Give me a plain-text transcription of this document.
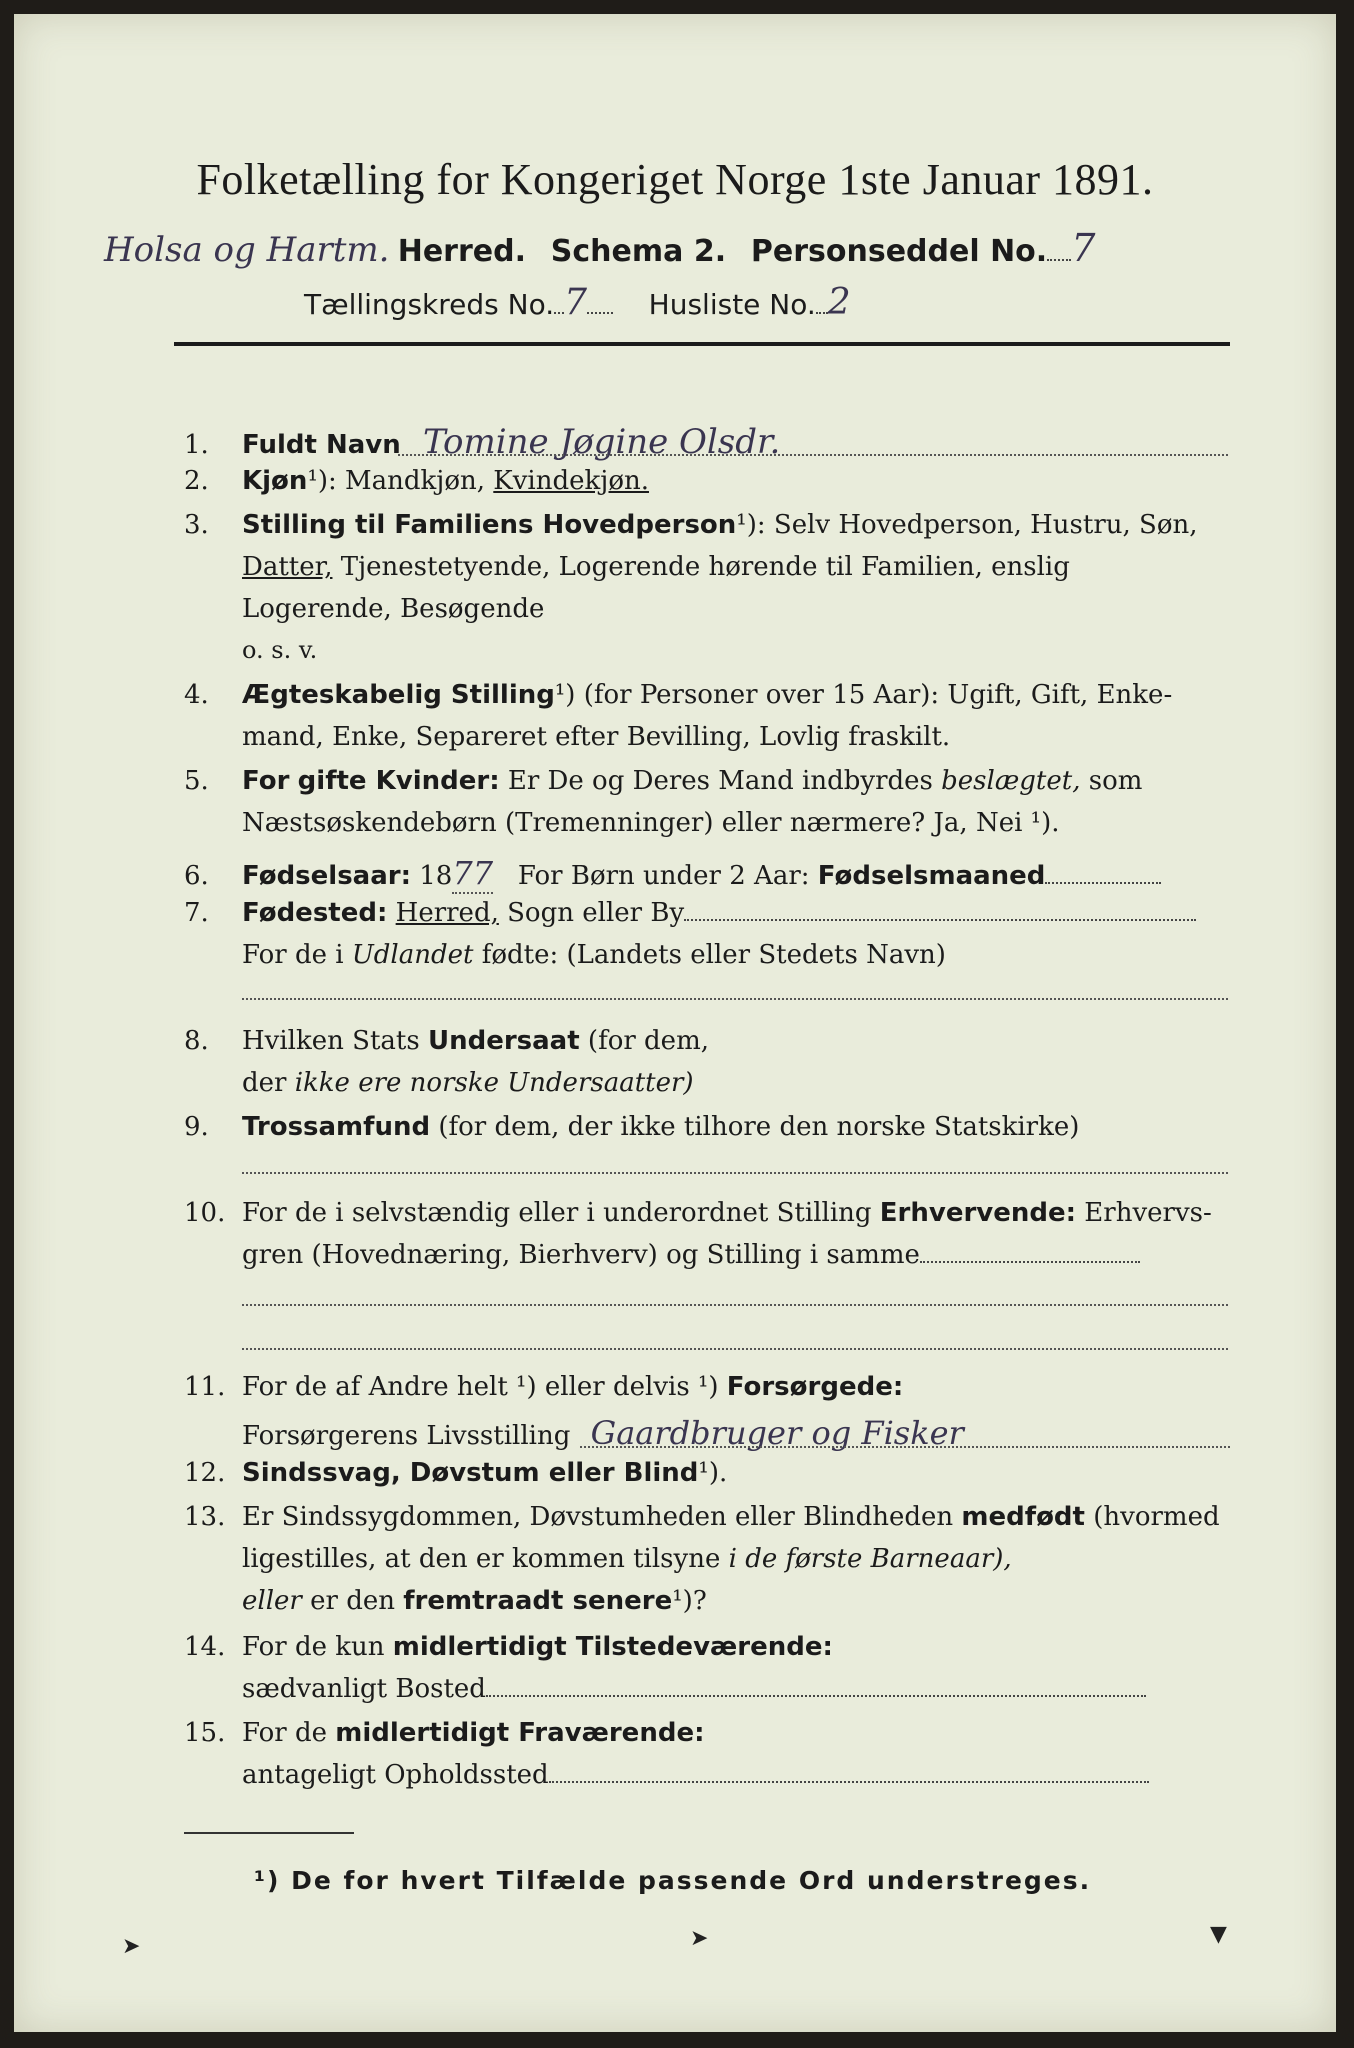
Folketælling for Kongeriget Norge 1ste Januar 1891.
Holsa og Hartm. Herred. Schema 2. Personseddel No. 7
Tællingskreds No. 7 Husliste No. 2
1. Fuldt Navn Tomine Jøgine Olsdr.
2. Kjøn¹): Mandkjøn, Kvindekjøn.
3. Stilling til Familiens Hovedperson¹): Selv Hovedperson, Hustru, Søn,
Datter, Tjenestetyende, Logerende hørende til Familien, enslig
Logerende, Besøgende
o. s. v.
4. Ægteskabelig Stilling¹) (for Personer over 15 Aar): Ugift, Gift, Enke-
mand, Enke, Separeret efter Bevilling, Lovlig fraskilt.
5. For gifte Kvinder: Er De og Deres Mand indbyrdes beslægtet, som
Næstsøskendebørn (Tremenninger) eller nærmere? Ja, Nei ¹).
6. Fødselsaar: 1877 For Børn under 2 Aar: Fødselsmaaned
7. Fødested: Herred, Sogn eller By
For de i Udlandet fødte: (Landets eller Stedets Navn)
8. Hvilken Stats Undersaat (for dem,
der ikke ere norske Undersaatter)
9. Trossamfund (for dem, der ikke tilhore den norske Statskirke)
10. For de i selvstændig eller i underordnet Stilling Erhvervende: Erhvervs-
gren (Hovednæring, Bierhverv) og Stilling i samme
11. For de af Andre helt ¹) eller delvis ¹) Forsørgede:
Forsørgerens Livsstilling Gaardbruger og Fisker
12. Sindssvag, Døvstum eller Blind¹).
13. Er Sindssygdommen, Døvstumheden eller Blindheden medfødt (hvormed
ligestilles, at den er kommen tilsyne i de første Barneaar),
eller er den fremtraadt senere¹)?
14. For de kun midlertidigt Tilstedeværende:
sædvanligt Bosted
15. For de midlertidigt Fraværende:
antageligt Opholdssted
¹) De for hvert Tilfælde passende Ord understreges.
➤	➤	▼
